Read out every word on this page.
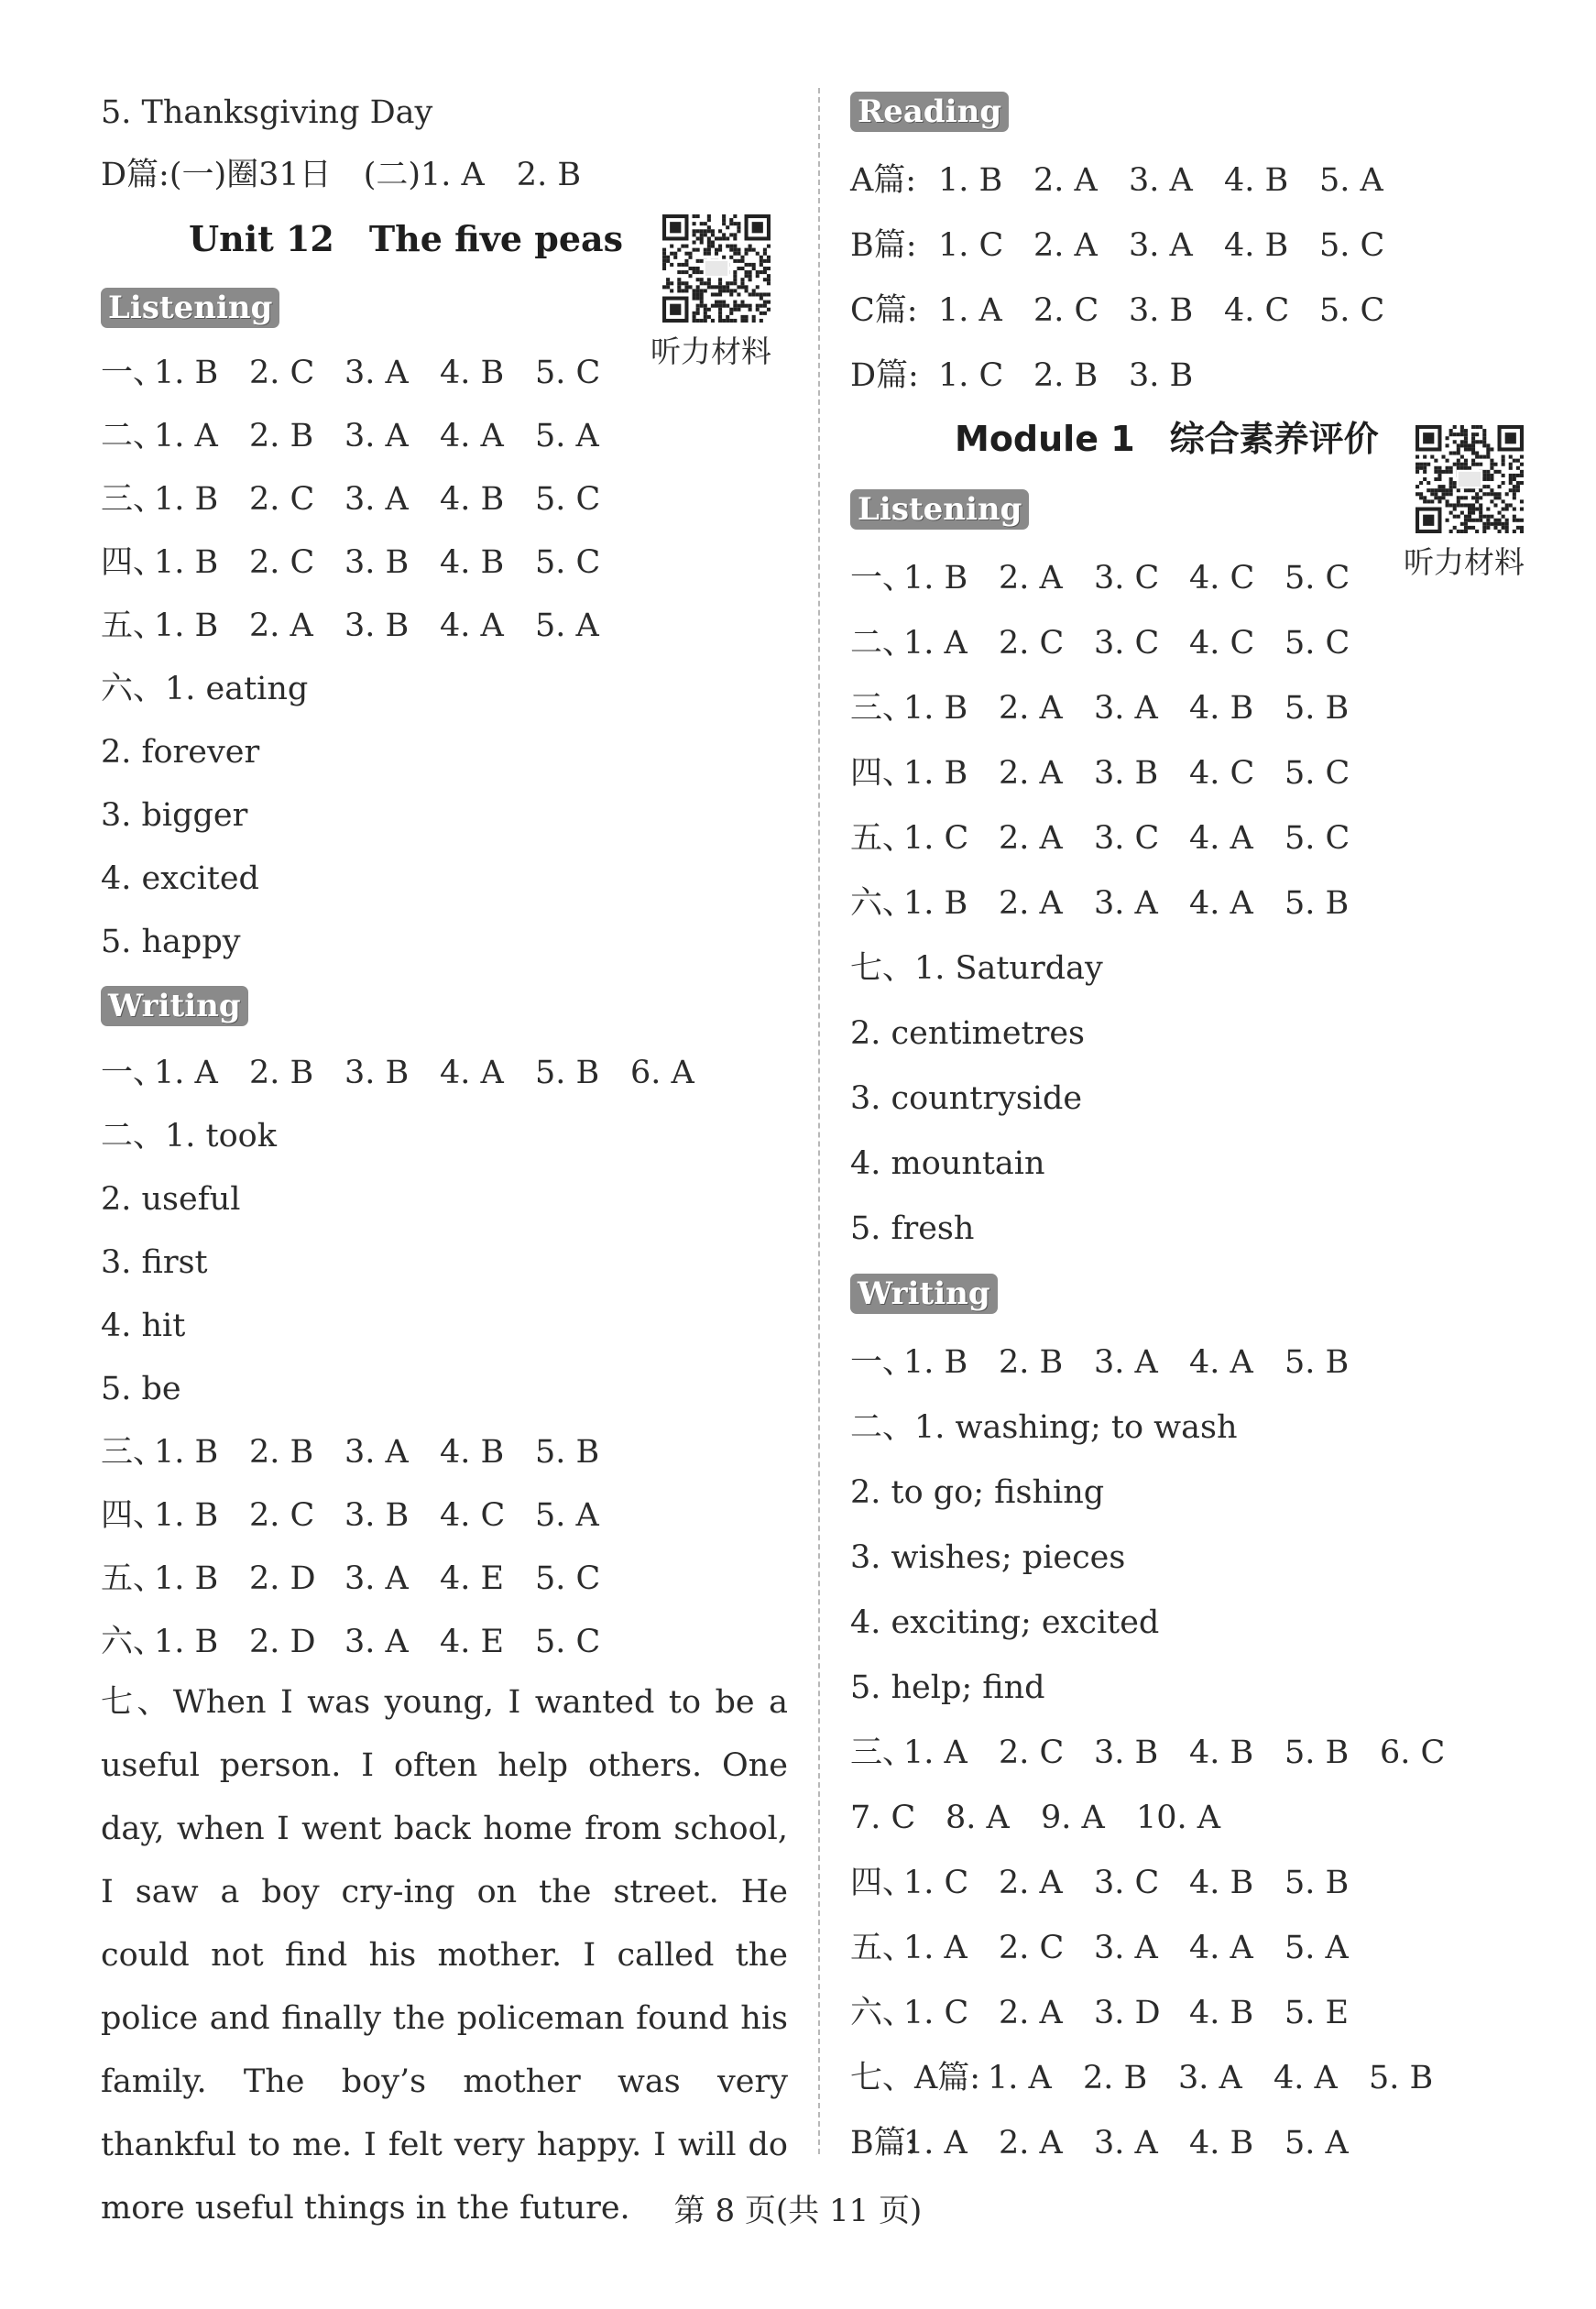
5. Thanksgiving Day
D篇:(一)圈31日　(二)1. A　2. B
Unit 12　The five peas
Listening
一、1. B 2. C 3. A 4. B 5. C
二、1. A 2. B 3. A 4. A 5. A
三、1. B 2. C 3. A 4. B 5. C
四、1. B 2. C 3. B 4. B 5. C
五、1. B 2. A 3. B 4. A 5. A
六、1. eating
2. forever
3. bigger
4. excited
5. happy
Writing
一、1. A 2. B 3. B 4. A 5. B 6. A
二、1. took
2. useful
3. first
4. hit
5. be
三、1. B 2. B 3. A 4. B 5. B
四、1. B 2. C 3. B 4. C 5. A
五、1. B 2. D 3. A 4. E 5. C
六、1. B 2. D 3. A 4. E 5. C
七、When I was young, I wanted to be a useful person. I often help others. One day, when I went back home from school, I saw a boy cry-ing on the street. He could not find his mother. I called the police and finally the policeman found his family. The boy’s mother was very thankful to me. I felt very happy. I will do more useful things in the future.
听力材料
Reading
A篇: 1. B 2. A 3. A 4. B 5. A
B篇: 1. C 2. A 3. A 4. B 5. C
C篇: 1. A 2. C 3. B 4. C 5. C
D篇: 1. C 2. B 3. B
Module 1　综合素养评价
Listening
一、1. B 2. A 3. C 4. C 5. C
二、1. A 2. C 3. C 4. C 5. C
三、1. B 2. A 3. A 4. B 5. B
四、1. B 2. A 3. B 4. C 5. C
五、1. C 2. A 3. C 4. A 5. C
六、1. B 2. A 3. A 4. A 5. B
七、1. Saturday
2. centimetres
3. countryside
4. mountain
5. fresh
Writing
一、1. B 2. B 3. A 4. A 5. B
二、1. washing; to wash
2. to go; fishing
3. wishes; pieces
4. exciting; excited
5. help; find
三、1. A 2. C 3. B 4. B 5. B 6. C
7. C 8. A 9. A 10. A
四、1. C 2. A 3. C 4. B 5. B
五、1. A 2. C 3. A 4. A 5. A
六、1. C 2. A 3. D 4. B 5. E
七、A篇: 1. A 2. B 3. A 4. A 5. B
B篇:1. A 2. A 3. A 4. B 5. A
听力材料
第 8 页(共 11 页)
